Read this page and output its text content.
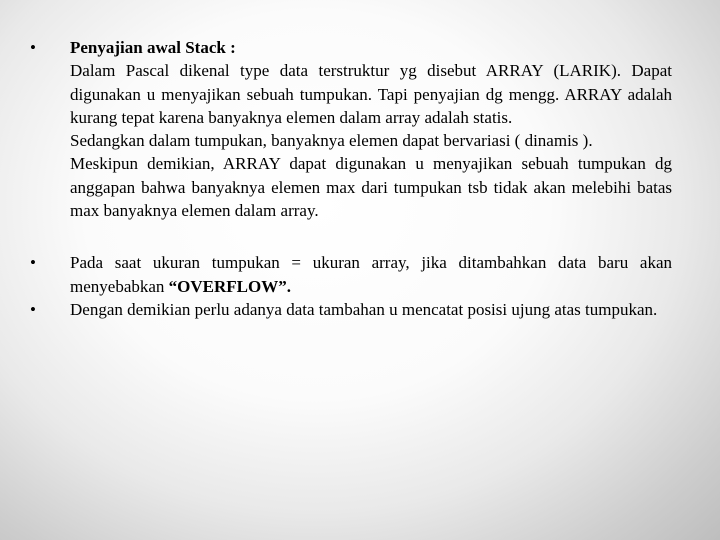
•	Penyajian awal Stack :

Dalam Pascal dikenal type data terstruktur yg disebut ARRAY (LARIK). Dapat digunakan u menyajikan sebuah tumpukan. Tapi penyajian dg mengg. ARRAY adalah kurang tepat karena banyaknya elemen dalam array adalah statis.

Sedangkan dalam tumpukan, banyaknya elemen dapat bervariasi ( dinamis ).

Meskipun demikian, ARRAY dapat digunakan u menyajikan sebuah tumpukan dg anggapan bahwa banyaknya elemen max dari tumpukan tsb tidak akan melebihi batas max banyaknya elemen dalam array.

•	Pada saat ukuran tumpukan = ukuran array, jika ditambahkan data baru akan menyebabkan “OVERFLOW”.

•	Dengan demikian perlu adanya data tambahan u mencatat posisi ujung atas tumpukan.
